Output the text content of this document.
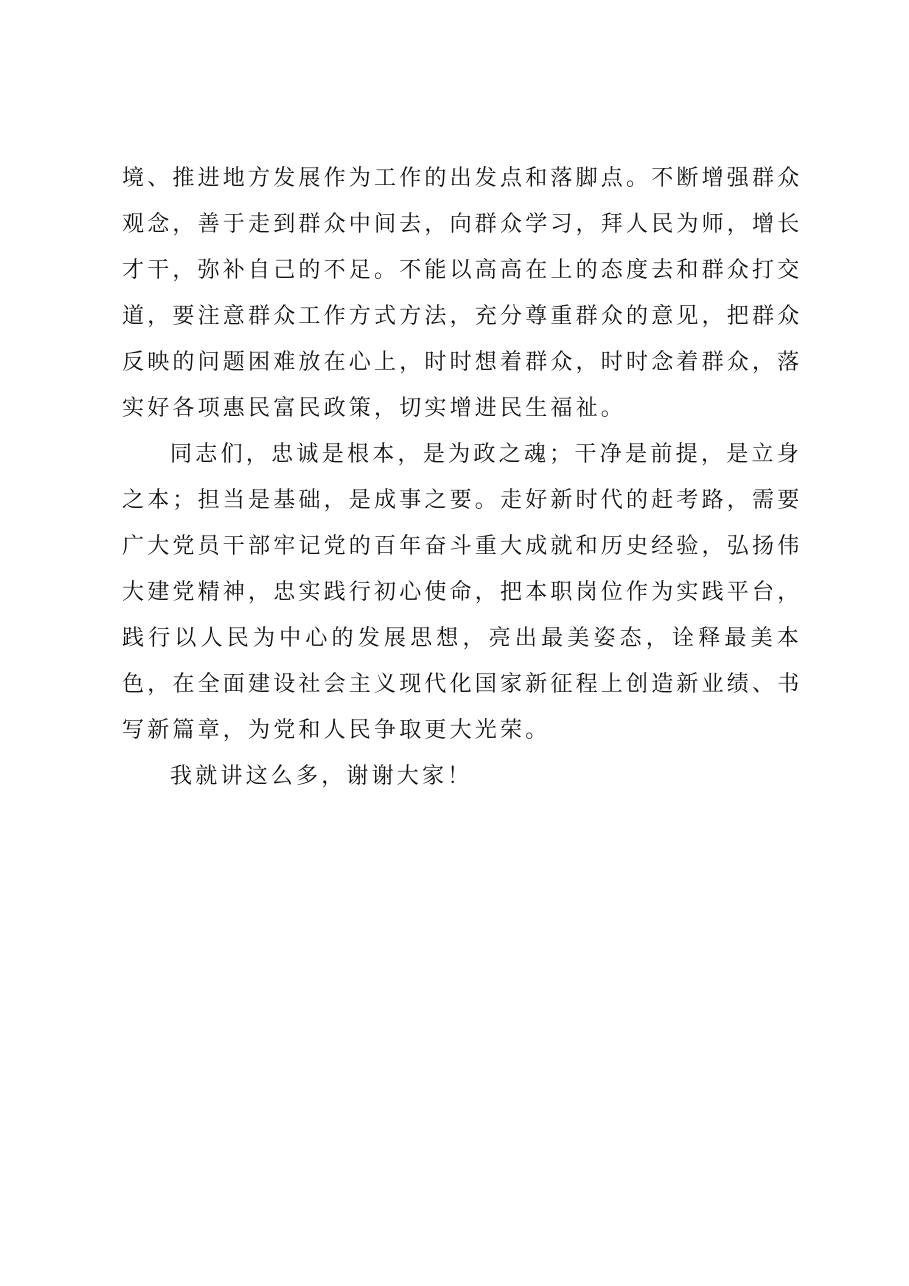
境、推进地方发展作为工作的出发点和落脚点。不断增强群众
观念，善于走到群众中间去，向群众学习，拜人民为师，增长
才干，弥补自己的不足。不能以高高在上的态度去和群众打交
道，要注意群众工作方式方法，充分尊重群众的意见，把群众
反映的问题困难放在心上，时时想着群众，时时念着群众，落
实好各项惠民富民政策，切实增进民生福祉。
同志们，忠诚是根本，是为政之魂；干净是前提，是立身
之本；担当是基础，是成事之要。走好新时代的赶考路，需要
广大党员干部牢记党的百年奋斗重大成就和历史经验，弘扬伟
大建党精神，忠实践行初心使命，把本职岗位作为实践平台，
践行以人民为中心的发展思想，亮出最美姿态，诠释最美本
色，在全面建设社会主义现代化国家新征程上创造新业绩、书
写新篇章，为党和人民争取更大光荣。
我就讲这么多，谢谢大家！
